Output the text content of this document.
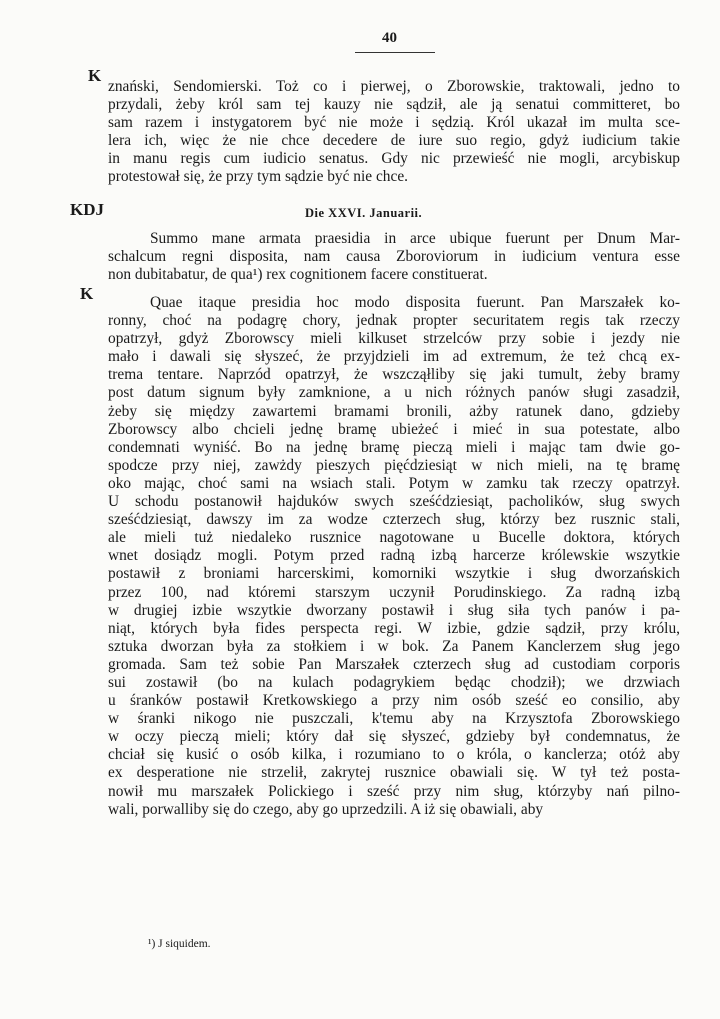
40
K
KDJ
K
znański, Sendomierski. Toż co i pierwej, o Zborowskie, traktowali, jedno to
przydali, żeby król sam tej kauzy nie sądził, ale ją senatui committeret, bo
sam razem i instygatorem być nie może i sędzią. Król ukazał im multa sce-
lera ich, więc że nie chce decedere de iure suo regio, gdyż iudicium takie
in manu regis cum iudicio senatus. Gdy nic przewieść nie mogli, arcybiskup
protestował się, że przy tym sądzie być nie chce.
Die XXVI. Januarii.
Summo mane armata praesidia in arce ubique fuerunt per Dnum Mar-
schalcum regni disposita, nam causa Zboroviorum in iudicium ventura esse
non dubitabatur, de qua¹) rex cognitionem facere constituerat.
Quae itaque presidia hoc modo disposita fuerunt. Pan Marszałek ko-
ronny, choć na podagrę chory, jednak propter securitatem regis tak rzeczy
opatrzył, gdyż Zborowscy mieli kilkuset strzelców przy sobie i jezdy nie
mało i dawali się słyszeć, że przyjdzieli im ad extremum, że też chcą ex-
trema tentare. Naprzód opatrzył, że wszcząłliby się jaki tumult, żeby bramy
post datum signum były zamknione, a u nich różnych panów sługi zasadził,
żeby się między zawartemi bramami bronili, ażby ratunek dano, gdzieby
Zborowscy albo chcieli jednę bramę ubieżeć i mieć in sua potestate, albo
condemnati wyniść. Bo na jednę bramę pieczą mieli i mając tam dwie go-
spodcze przy niej, zawżdy pieszych pięćdziesiąt w nich mieli, na tę bramę
oko mając, choć sami na wsiach stali. Potym w zamku tak rzeczy opatrzył.
U schodu postanowił hajduków swych sześćdziesiąt, pacholików, sług swych
sześćdziesiąt, dawszy im za wodze czterzech sług, którzy bez rusznic stali,
ale mieli tuż niedaleko rusznice nagotowane u Bucelle doktora, których
wnet dosiądz mogli. Potym przed radną izbą harcerze królewskie wszytkie
postawił z broniami harcerskimi, komorniki wszytkie i sług dworzańskich
przez 100, nad któremi starszym uczynił Porudinskiego. Za radną izbą
w drugiej izbie wszytkie dworzany postawił i sług siła tych panów i pa-
niąt, których była fides perspecta regi. W izbie, gdzie sądził, przy królu,
sztuka dworzan była za stołkiem i w bok. Za Panem Kanclerzem sług jego
gromada. Sam też sobie Pan Marszałek czterzech sług ad custodiam corporis
sui zostawił (bo na kulach podagrykiem będąc chodził); we drzwiach
u śranków postawił Kretkowskiego a przy nim osób sześć eo consilio, aby
w śranki nikogo nie puszczali, k'temu aby na Krzysztofa Zborowskiego
w oczy pieczą mieli; który dał się słyszeć, gdzieby był condemnatus, że
chciał się kusić o osób kilka, i rozumiano to o króla, o kanclerza; otóż aby
ex desperatione nie strzelił, zakrytej rusznice obawiali się. W tył też posta-
nowił mu marszałek Polickiego i sześć przy nim sług, którzyby nań pilno-
wali, porwalliby się do czego, aby go uprzedzili. A iż się obawiali, aby
¹) J siquidem.
